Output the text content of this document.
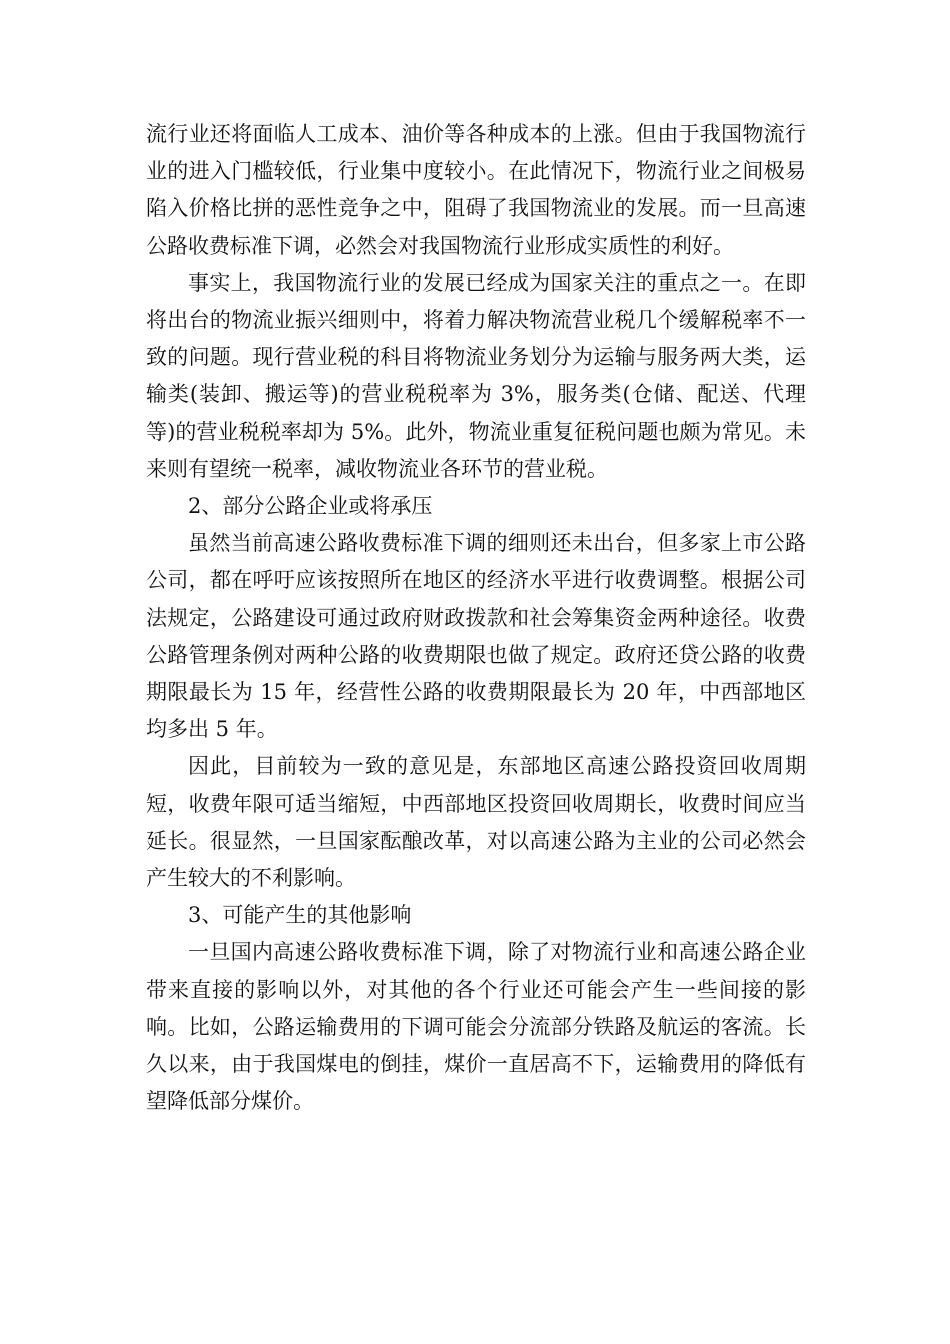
流行业还将面临人工成本、油价等各种成本的上涨。但由于我国物流行业的进入门槛较低，行业集中度较小。在此情况下，物流行业之间极易陷入价格比拼的恶性竞争之中，阻碍了我国物流业的发展。而一旦高速公路收费标准下调，必然会对我国物流行业形成实质性的利好。

事实上，我国物流行业的发展已经成为国家关注的重点之一。在即将出台的物流业振兴细则中，将着力解决物流营业税几个缓解税率不一致的问题。现行营业税的科目将物流业务划分为运输与服务两大类，运输类(装卸、搬运等)的营业税税率为 3%，服务类(仓储、配送、代理等)的营业税税率却为 5%。此外，物流业重复征税问题也颇为常见。未来则有望统一税率，减收物流业各环节的营业税。

2、部分公路企业或将承压

虽然当前高速公路收费标准下调的细则还未出台，但多家上市公路公司，都在呼吁应该按照所在地区的经济水平进行收费调整。根据公司法规定，公路建设可通过政府财政拨款和社会筹集资金两种途径。收费公路管理条例对两种公路的收费期限也做了规定。政府还贷公路的收费期限最长为 15 年，经营性公路的收费期限最长为 20 年，中西部地区均多出 5 年。

因此，目前较为一致的意见是，东部地区高速公路投资回收周期短，收费年限可适当缩短，中西部地区投资回收周期长，收费时间应当延长。很显然，一旦国家酝酿改革，对以高速公路为主业的公司必然会产生较大的不利影响。

3、可能产生的其他影响

一旦国内高速公路收费标准下调，除了对物流行业和高速公路企业带来直接的影响以外，对其他的各个行业还可能会产生一些间接的影响。比如，公路运输费用的下调可能会分流部分铁路及航运的客流。长久以来，由于我国煤电的倒挂，煤价一直居高不下，运输费用的降低有望降低部分煤价。
